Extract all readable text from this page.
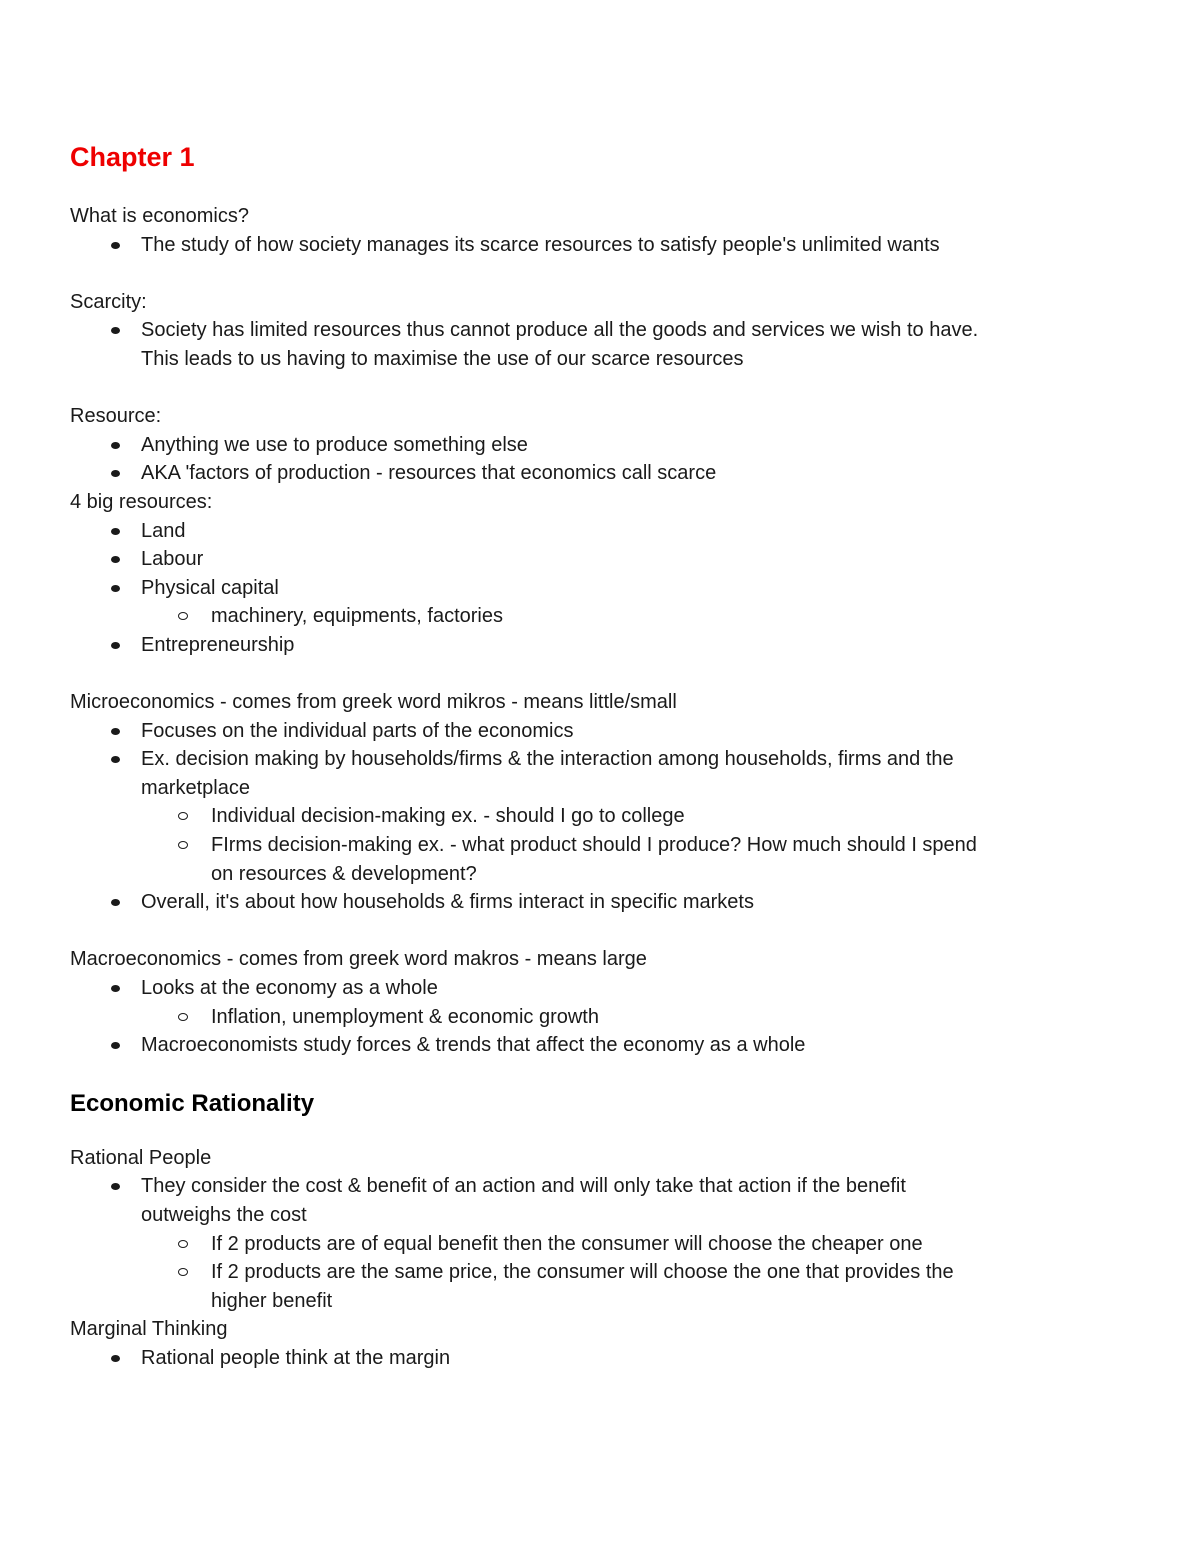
Chapter 1

What is economics?

The study of how society manages its scarce resources to satisfy people's unlimited wants

Scarcity:

Society has limited resources thus cannot produce all the goods and services we wish to have.
This leads to us having to maximise the use of our scarce resources

Resource:

Anything we use to produce something else
AKA 'factors of production - resources that economics call scarce

4 big resources:

Land
Labour
Physical capital
machinery, equipments, factories
Entrepreneurship

Microeconomics - comes from greek word mikros - means little/small

Focuses on the individual parts of the economics
Ex. decision making by households/firms & the interaction among households, firms and the
marketplace
Individual decision-making ex. - should I go to college
FIrms decision-making ex. - what product should I produce? How much should I spend
on resources & development?
Overall, it's about how households & firms interact in specific markets

Macroeconomics - comes from greek word makros - means large

Looks at the economy as a whole
Inflation, unemployment & economic growth
Macroeconomists study forces & trends that affect the economy as a whole
Economic Rationality

Rational People

They consider the cost & benefit of an action and will only take that action if the benefit
outweighs the cost
If 2 products are of equal benefit then the consumer will choose the cheaper one
If 2 products are the same price, the consumer will choose the one that provides the
higher benefit

Marginal Thinking

Rational people think at the margin
